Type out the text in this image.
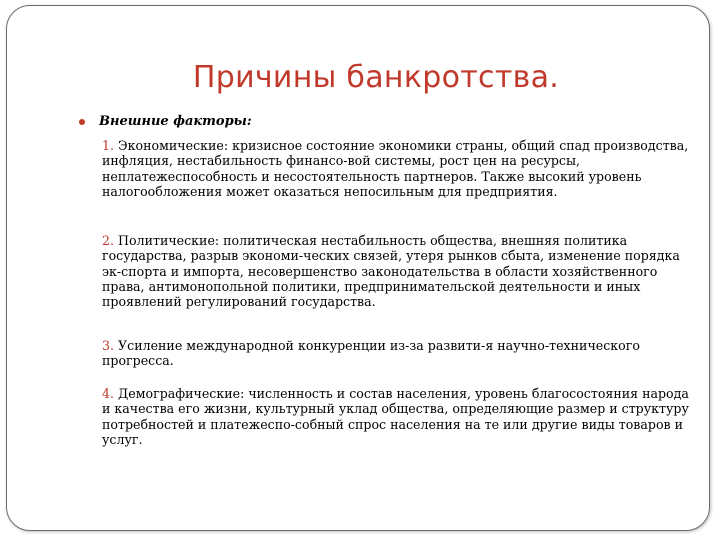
Причины банкротства.
Внешние факторы:

1. Экономические: кризисное состояние экономики страны, общий спад производства, инфляция, нестабильность финансо-вой системы, рост цен на ресурсы, неплатежеспособность и несостоятельность партнеров. Также высокий уровень налогообложения может оказаться непосильным для предприятия.

2. Политические: политическая нестабильность общества, внешняя политика государства, разрыв экономи-ческих связей, утеря рынков сбыта, изменение порядка эк-спорта и импорта, несовершенство законодательства в области хозяйственного права, антимонопольной политики, предпринимательской деятельности и иных проявлений регулирований государства.

3. Усиление международной конкуренции из-за развити-я научно-технического прогресса.

4. Демографические: численность и состав населения, уровень благосостояния народа и качества его жизни, культурный уклад общества, определяющие размер и структуру потребностей и платежеспо-собный спрос населения на те или другие виды товаров и услуг.
